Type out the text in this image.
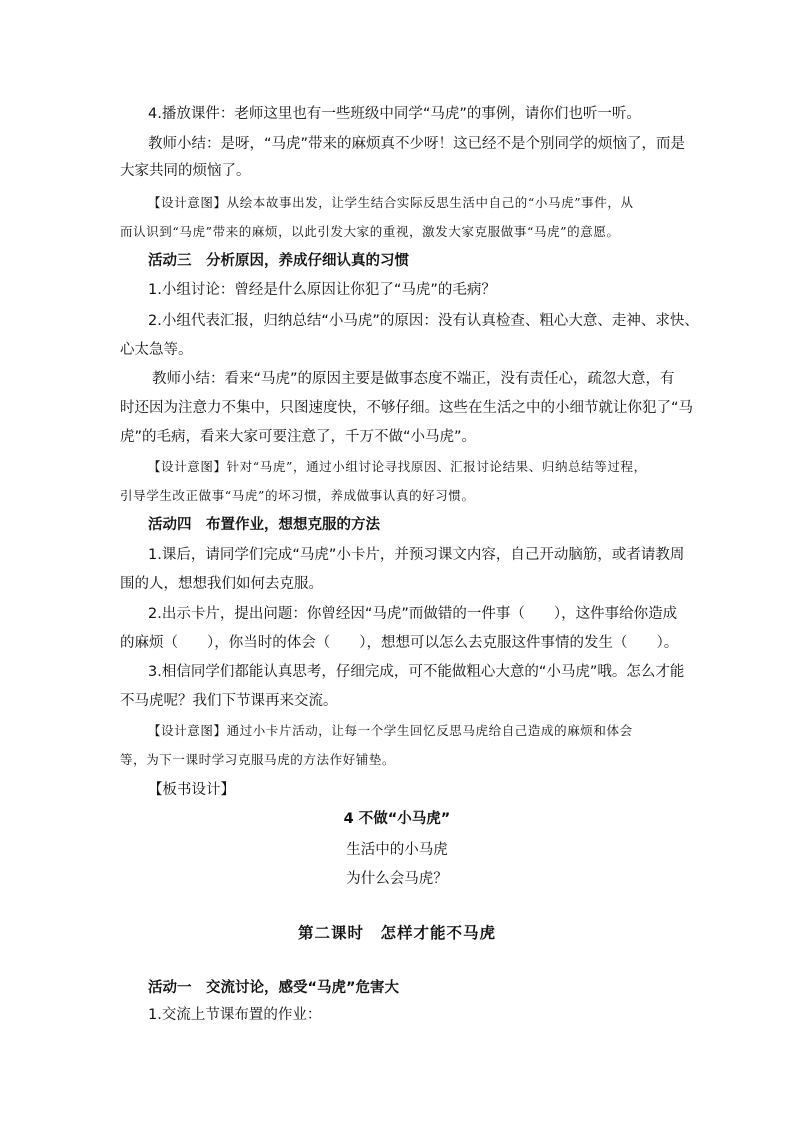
4.播放课件：老师这里也有一些班级中同学“马虎”的事例，请你们也听一听。
教师小结：是呀，“马虎”带来的麻烦真不少呀！这已经不是个别同学的烦恼了，而是
大家共同的烦恼了。
【设计意图】从绘本故事出发，让学生结合实际反思生活中自己的“小马虎”事件，从
而认识到“马虎”带来的麻烦，以此引发大家的重视，激发大家克服做事“马虎”的意愿。
活动三　分析原因，养成仔细认真的习惯
1.小组讨论：曾经是什么原因让你犯了“马虎”的毛病？
2.小组代表汇报，归纳总结“小马虎”的原因：没有认真检查、粗心大意、走神、求快、
心太急等。
教师小结：看来“马虎”的原因主要是做事态度不端正，没有责任心，疏忽大意，有
时还因为注意力不集中，只图速度快，不够仔细。这些在生活之中的小细节就让你犯了“马
虎”的毛病，看来大家可要注意了，千万不做“小马虎”。
【设计意图】针对“马虎”，通过小组讨论寻找原因、汇报讨论结果、归纳总结等过程，
引导学生改正做事“马虎”的坏习惯，养成做事认真的好习惯。
活动四　布置作业，想想克服的方法
1.课后，请同学们完成“马虎”小卡片，并预习课文内容，自己开动脑筋，或者请教周
围的人，想想我们如何去克服。
2.出示卡片，提出问题：你曾经因“马虎”而做错的一件事（　　），这件事给你造成
的麻烦（　　），你当时的体会（　　），想想可以怎么去克服这件事情的发生（　　）。
3.相信同学们都能认真思考，仔细完成，可不能做粗心大意的“小马虎”哦。怎么才能
不马虎呢？我们下节课再来交流。
【设计意图】通过小卡片活动，让每一个学生回忆反思马虎给自己造成的麻烦和体会
等，为下一课时学习克服马虎的方法作好铺垫。
【板书设计】
4 不做“小马虎”
生活中的小马虎
为什么会马虎？
第二课时　怎样才能不马虎
活动一　交流讨论，感受“马虎”危害大
1.交流上节课布置的作业：
